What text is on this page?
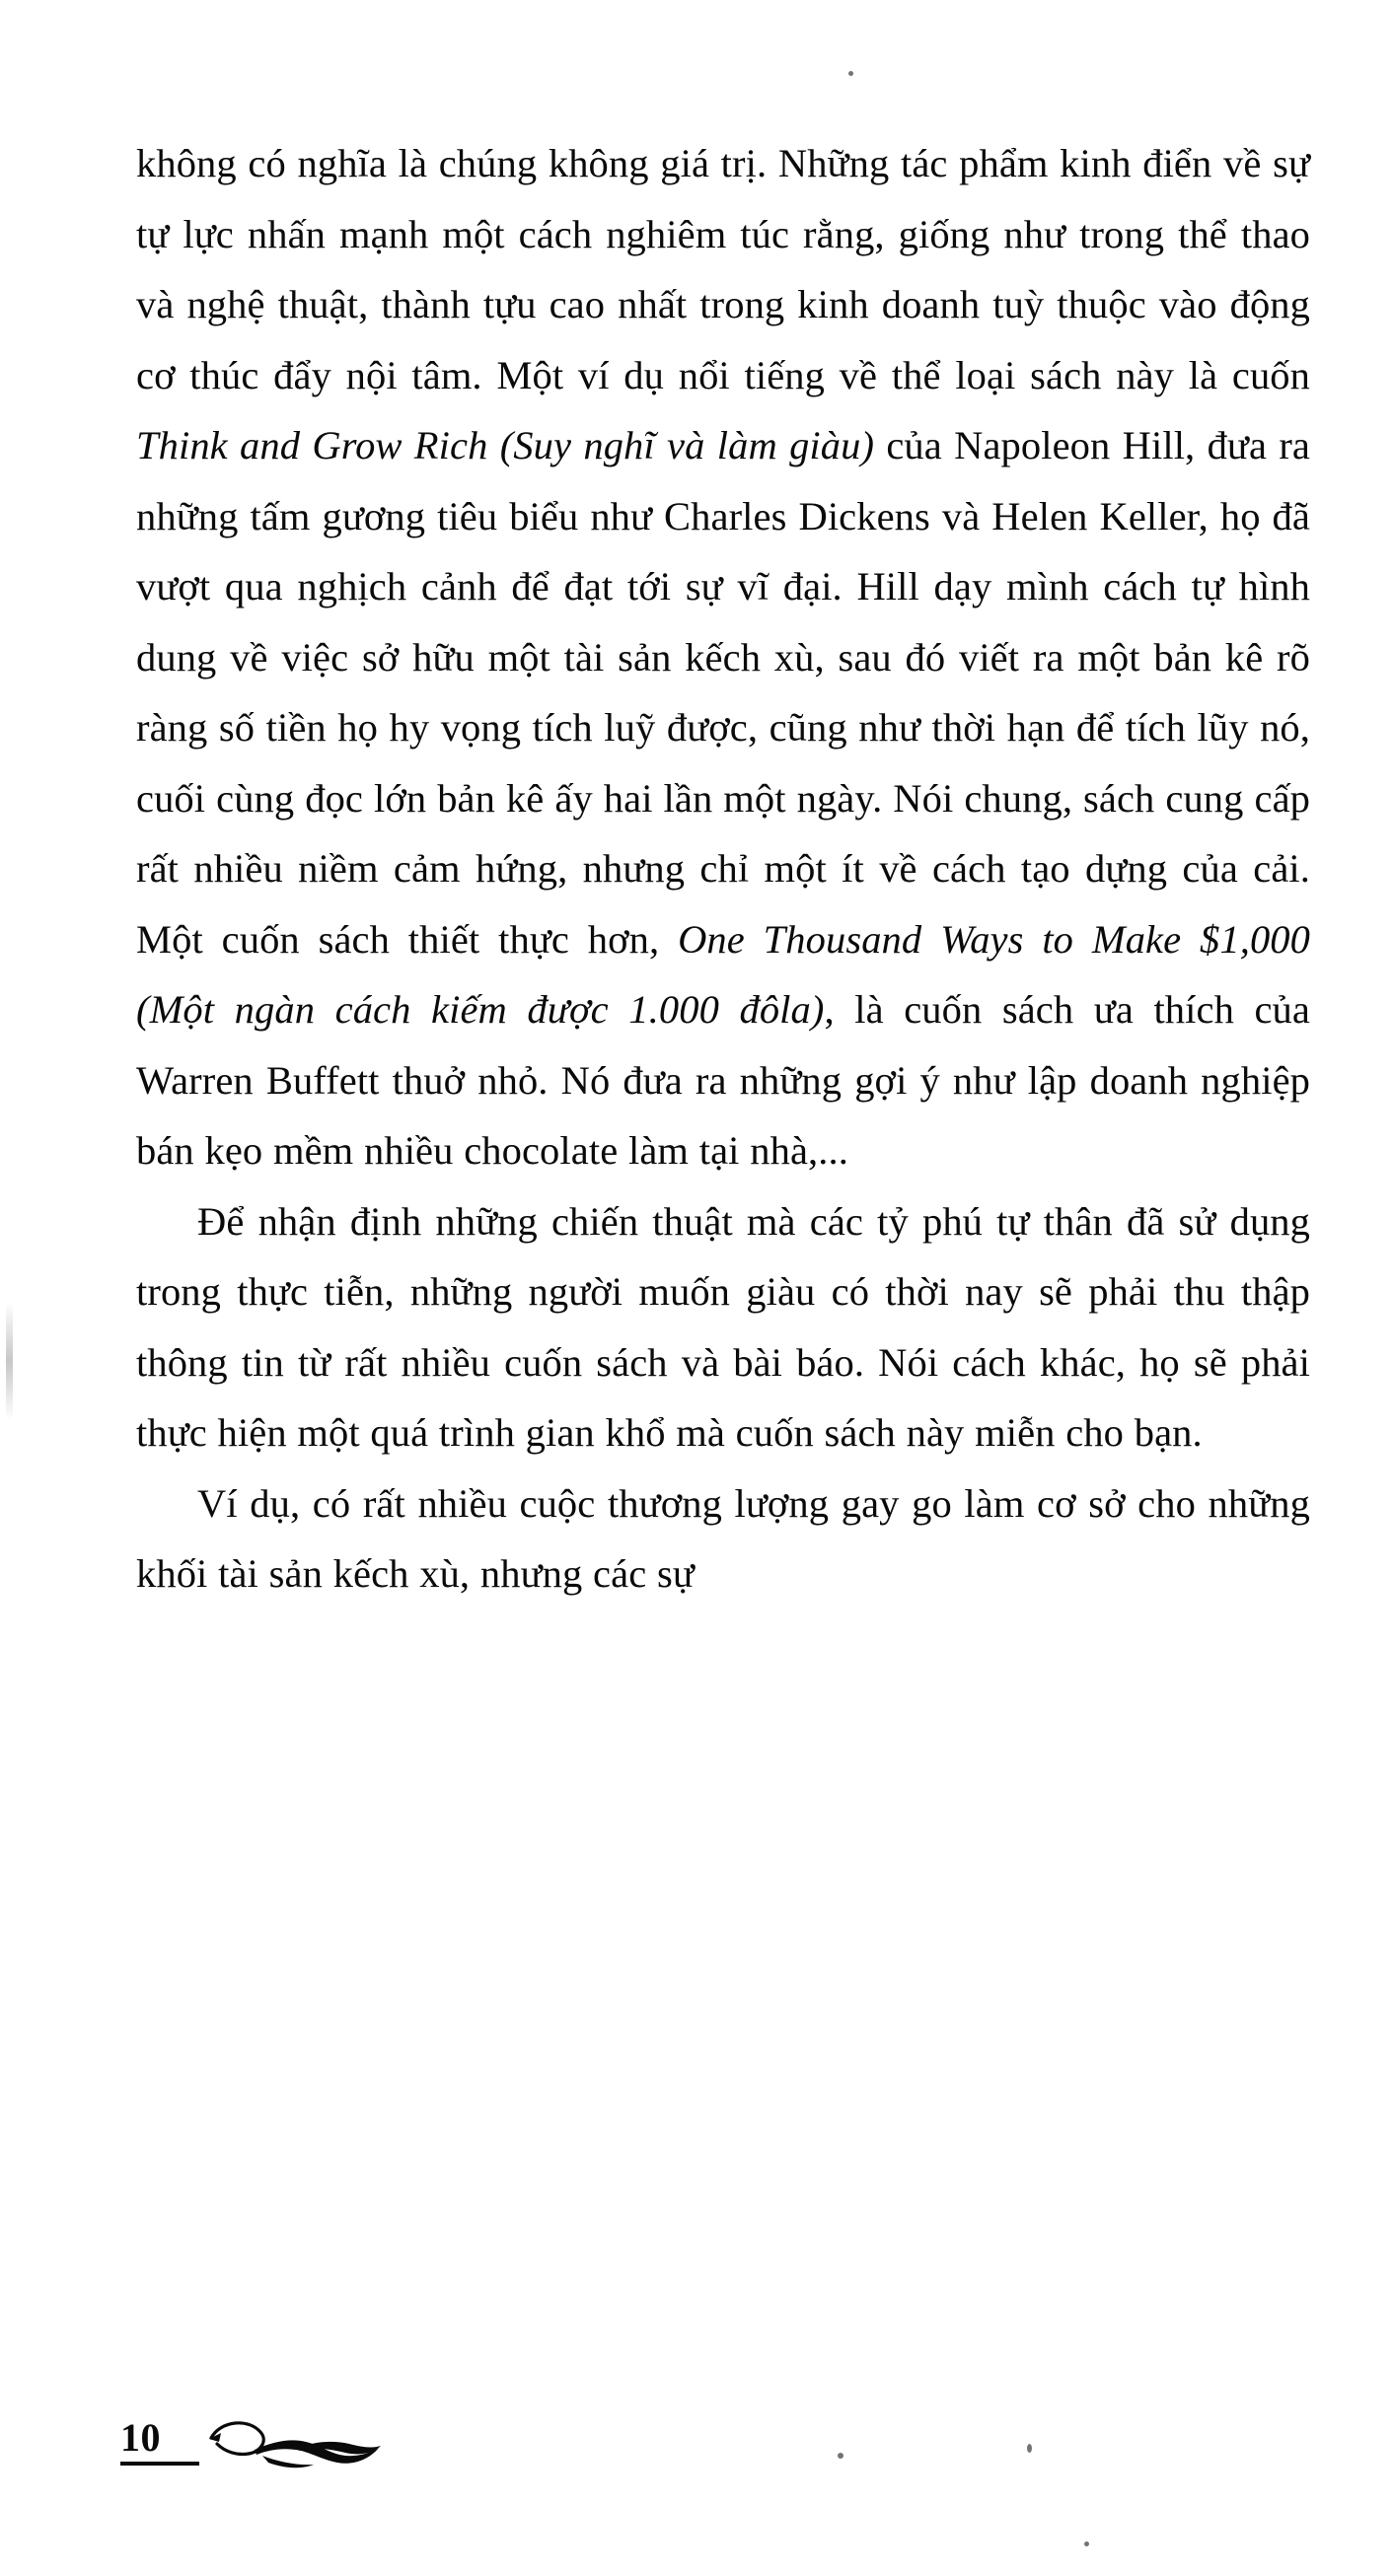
không có nghĩa là chúng không giá trị. Những tác phẩm kinh điển về sự tự lực nhấn mạnh một cách nghiêm túc rằng, giống như trong thể thao và nghệ thuật, thành tựu cao nhất trong kinh doanh tuỳ thuộc vào động cơ thúc đẩy nội tâm. Một ví dụ nổi tiếng về thể loại sách này là cuốn Think and Grow Rich (Suy nghĩ và làm giàu) của Napoleon Hill, đưa ra những tấm gương tiêu biểu như Charles Dickens và Helen Keller, họ đã vượt qua nghịch cảnh để đạt tới sự vĩ đại. Hill dạy mình cách tự hình dung về việc sở hữu một tài sản kếch xù, sau đó viết ra một bản kê rõ ràng số tiền họ hy vọng tích luỹ được, cũng như thời hạn để tích lũy nó, cuối cùng đọc lớn bản kê ấy hai lần một ngày. Nói chung, sách cung cấp rất nhiều niềm cảm hứng, nhưng chỉ một ít về cách tạo dựng của cải. Một cuốn sách thiết thực hơn, One Thousand Ways to Make $1,000 (Một ngàn cách kiếm được 1.000 đôla), là cuốn sách ưa thích của Warren Buffett thuở nhỏ. Nó đưa ra những gợi ý như lập doanh nghiệp bán kẹo mềm nhiều chocolate làm tại nhà,...

Để nhận định những chiến thuật mà các tỷ phú tự thân đã sử dụng trong thực tiễn, những người muốn giàu có thời nay sẽ phải thu thập thông tin từ rất nhiều cuốn sách và bài báo. Nói cách khác, họ sẽ phải thực hiện một quá trình gian khổ mà cuốn sách này miễn cho bạn.

Ví dụ, có rất nhiều cuộc thương lượng gay go làm cơ sở cho những khối tài sản kếch xù, nhưng các sự

10
